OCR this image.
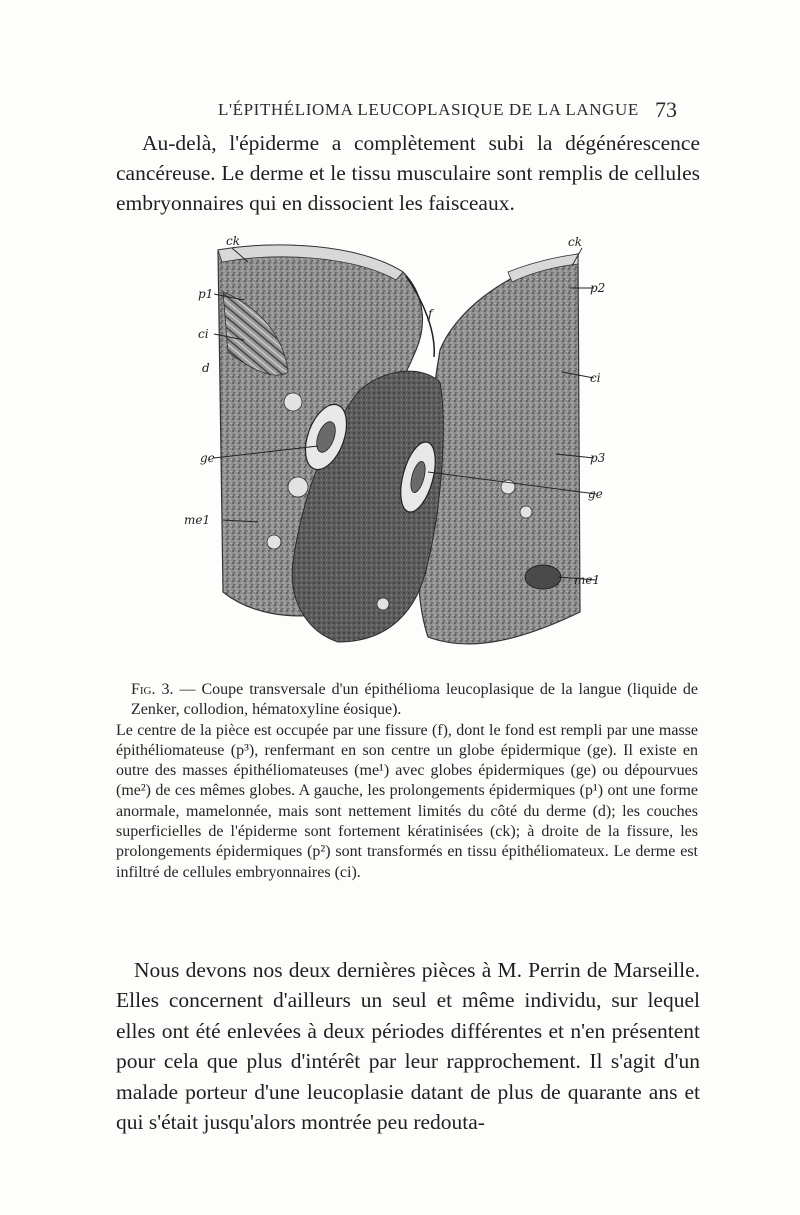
L'ÉPITHÉLIOMA LEUCOPLASIQUE DE LA LANGUE 73

Au-delà, l'épiderme a complètement subi la dégénérescence cancéreuse. Le derme et le tissu musculaire sont remplis de cellules embryonnaires qui en dissocient les faisceaux.

ck
p1
ci
d
ge
me1
f
ck
p2
ci
p3
ge
me1
Fig. 3. — Coupe transversale d'un épithélioma leucoplasique de la langue (liquide de Zenker, collodion, hématoxyline éosique).
Le centre de la pièce est occupée par une fissure (f), dont le fond est rempli par une masse épithéliomateuse (p³), renfermant en son centre un globe épidermique (ge). Il existe en outre des masses épithéliomateuses (me¹) avec globes épidermiques (ge) ou dépourvues (me²) de ces mêmes globes. A gauche, les prolongements épidermiques (p¹) ont une forme anormale, mamelonnée, mais sont nettement limités du côté du derme (d); les couches superficielles de l'épiderme sont fortement kératinisées (ck); à droite de la fissure, les prolongements épidermiques (p²) sont transformés en tissu épithéliomateux. Le derme est infiltré de cellules embryonnaires (ci).

Nous devons nos deux dernières pièces à M. Perrin de Marseille. Elles concernent d'ailleurs un seul et même individu, sur lequel elles ont été enlevées à deux périodes différentes et n'en présentent pour cela que plus d'intérêt par leur rapprochement. Il s'agit d'un malade porteur d'une leucoplasie datant de plus de quarante ans et qui s'était jusqu'alors montrée peu redouta-
